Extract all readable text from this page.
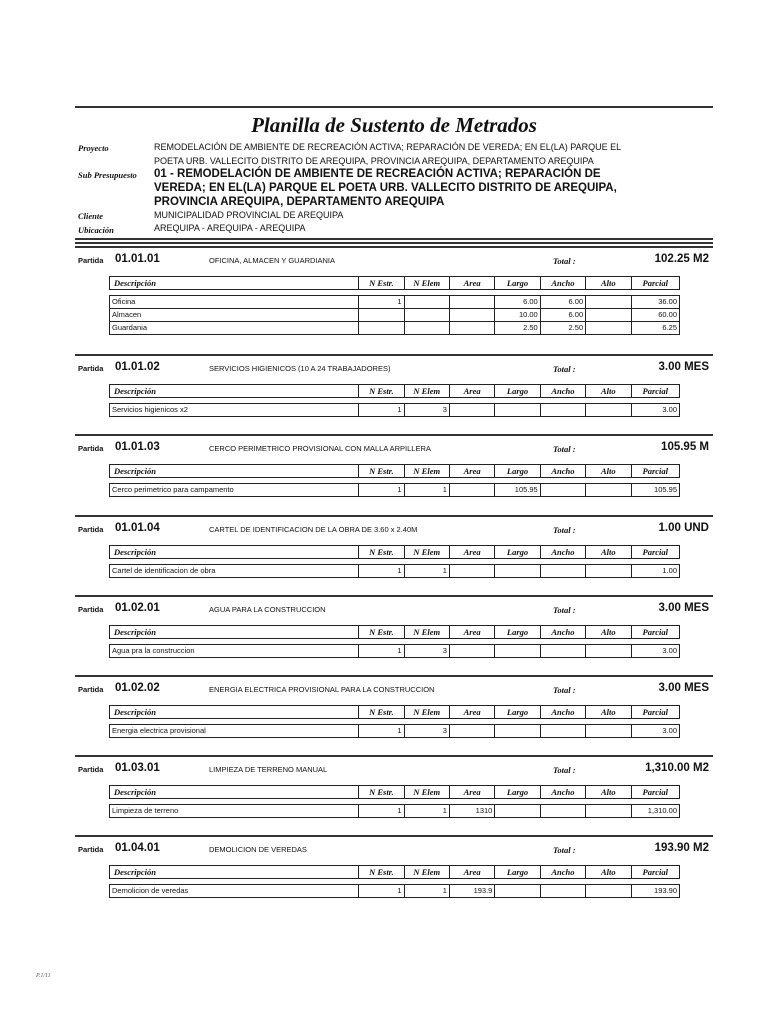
Planilla de Sustento de Metrados
Proyecto	REMODELACIÓN DE AMBIENTE DE RECREACIÓN ACTIVA; REPARACIÓN DE VEREDA; EN EL(LA) PARQUE EL
POETA URB. VALLECITO DISTRITO DE AREQUIPA, PROVINCIA AREQUIPA, DEPARTAMENTO AREQUIPA
Sub Presupuesto 01 - REMODELACIÓN DE AMBIENTE DE RECREACIÓN ACTIVA; REPARACIÓN DE
VEREDA; EN EL(LA) PARQUE EL POETA URB. VALLECITO DISTRITO DE AREQUIPA,
PROVINCIA AREQUIPA, DEPARTAMENTO AREQUIPA
Cliente	MUNICIPALIDAD PROVINCIAL DE AREQUIPA
Ubicación	AREQUIPA - AREQUIPA - AREQUIPA
Partida 01.01.01	OFICINA, ALMACEN Y GUARDIANIA	Total :	102.25 M2
Descripción	N Estr.	N Elem	Area	Largo	Ancho	Alto	Parcial

Oficina	1			6.00	6.00		36.00
Almacen				10.00	6.00		60.00
Guardania				2.50	2.50		6.25
Partida 01.01.02	SERVICIOS HIGIENICOS (10 A 24 TRABAJADORES)	Total :	3.00 MES
Descripción	N Estr.	N Elem	Area	Largo	Ancho	Alto	Parcial

Servicios higienicos x2	1	3					3.00
Partida 01.01.03	CERCO PERIMETRICO PROVISIONAL CON MALLA ARPILLERA	Total :	105.95 M
Descripción	N Estr.	N Elem	Area	Largo	Ancho	Alto	Parcial

Cerco perimetrico para campamento	1	1		105.95			105.95
Partida 01.01.04	CARTEL DE IDENTIFICACION DE LA OBRA DE 3.60 x 2.40M	Total :	1.00 UND
Descripción	N Estr.	N Elem	Area	Largo	Ancho	Alto	Parcial

Cartel de identificacion de obra	1	1					1.00
Partida 01.02.01	AGUA PARA LA CONSTRUCCION	Total :	3.00 MES
Descripción	N Estr.	N Elem	Area	Largo	Ancho	Alto	Parcial

Agua pra la construccion	1	3					3.00
Partida 01.02.02	ENERGIA ELECTRICA PROVISIONAL PARA LA CONSTRUCCION	Total :	3.00 MES
Descripción	N Estr.	N Elem	Area	Largo	Ancho	Alto	Parcial

Energia electrica provisional	1	3					3.00
Partida 01.03.01	LIMPIEZA DE TERRENO MANUAL	Total :	1,310.00 M2
Descripción	N Estr.	N Elem	Area	Largo	Ancho	Alto	Parcial

Limpieza de terreno	1	1	1310				1,310.00
Partida 01.04.01	DEMOLICION DE VEREDAS	Total :	193.90 M2
Descripción	N Estr.	N Elem	Area	Largo	Ancho	Alto	Parcial

Demolicion de veredas	1	1	193.9				193.90
P.1/11
